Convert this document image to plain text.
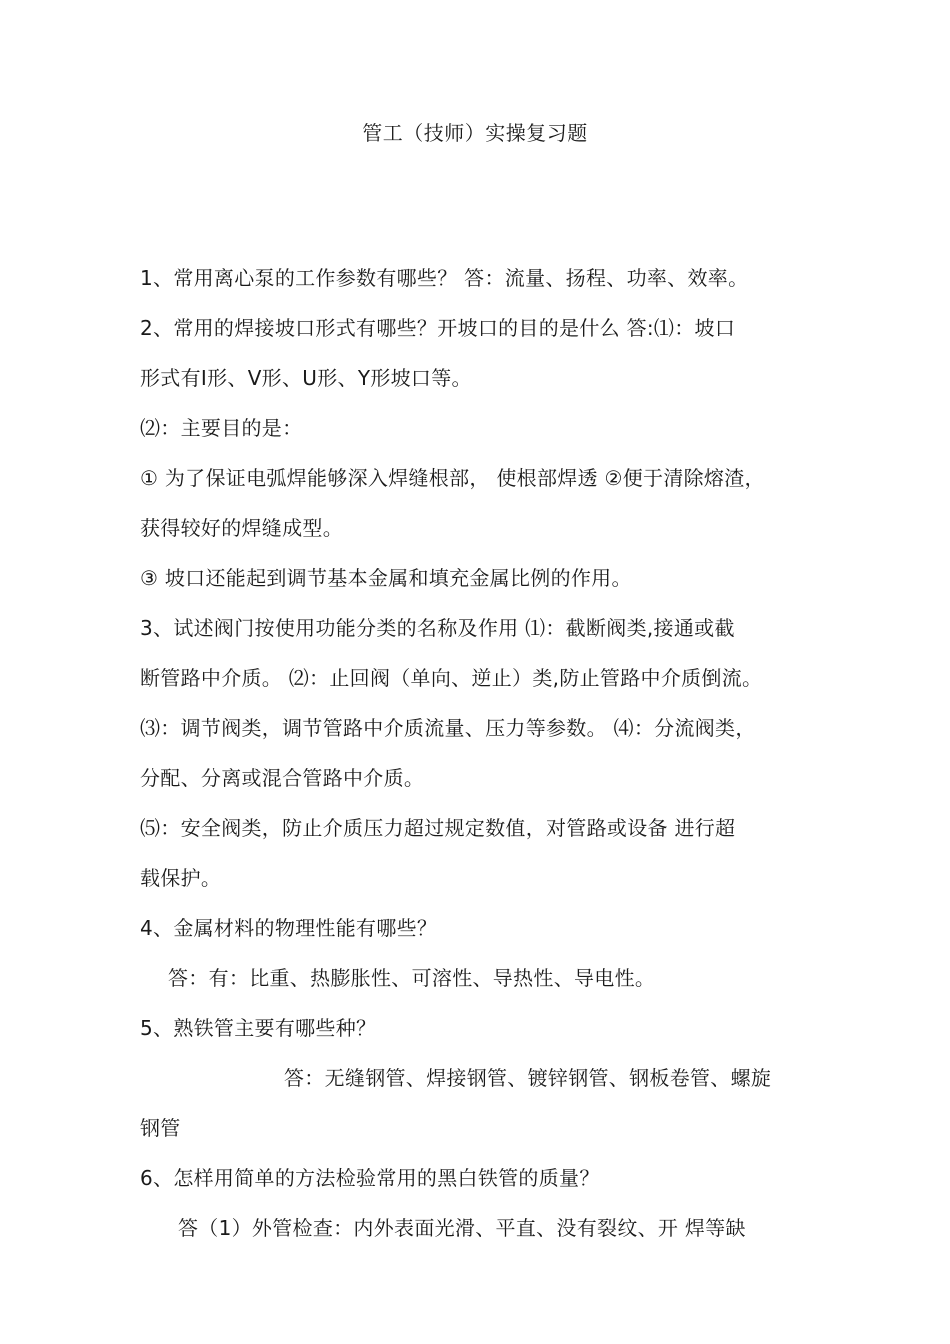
管工（技师）实操复习题
1、常用离心泵的工作参数有哪些？ 答：流量、扬程、功率、效率。
2、常用的焊接坡口形式有哪些？开坡口的目的是什么 答:⑴：坡口
形式有Ⅰ形、V形、U形、Y形坡口等。
⑵：主要目的是：
① 为了保证电弧焊能够深入焊缝根部， 使根部焊透 ②便于清除熔渣，
获得较好的焊缝成型。
③ 坡口还能起到调节基本金属和填充金属比例的作用。
3、试述阀门按使用功能分类的名称及作用 ⑴：截断阀类,接通或截
断管路中介质。 ⑵：止回阀（单向、逆止）类,防止管路中介质倒流。
⑶：调节阀类，调节管路中介质流量、压力等参数。 ⑷：分流阀类，
分配、分离或混合管路中介质。
⑸：安全阀类，防止介质压力超过规定数值，对管路或设备 进行超
载保护。
4、金属材料的物理性能有哪些？
答：有：比重、热膨胀性、可溶性、导热性、导电性。
5、熟铁管主要有哪些种？
答：无缝钢管、焊接钢管、镀锌钢管、钢板卷管、螺旋
钢管
6、怎样用简单的方法检验常用的黑白铁管的质量？
答（1）外管检查：内外表面光滑、平直、没有裂纹、开 焊等缺
